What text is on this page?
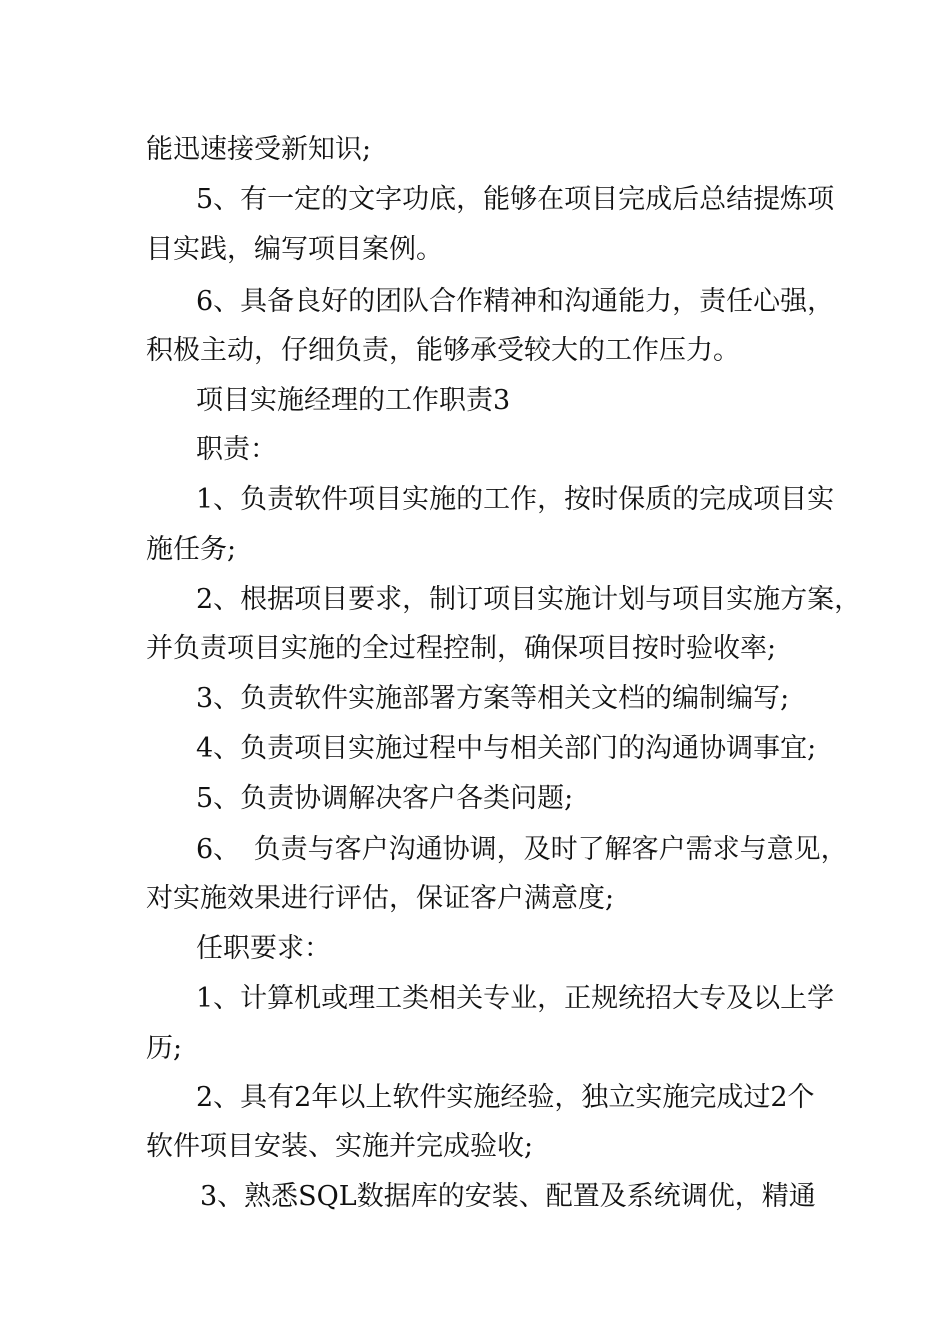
能迅速接受新知识;
5、有一定的文字功底，能够在项目完成后总结提炼项
目实践，编写项目案例。
6、具备良好的团队合作精神和沟通能力，责任心强，
积极主动，仔细负责，能够承受较大的工作压力。
项目实施经理的工作职责3
职责：
1、负责软件项目实施的工作，按时保质的完成项目实
施任务;
2、根据项目要求，制订项目实施计划与项目实施方案，
并负责项目实施的全过程控制，确保项目按时验收率;
3、负责软件实施部署方案等相关文档的编制编写;
4、负责项目实施过程中与相关部门的沟通协调事宜;
5、负责协调解决客户各类问题;
6、　负责与客户沟通协调，及时了解客户需求与意见，
对实施效果进行评估，保证客户满意度;
任职要求：
1、计算机或理工类相关专业，正规统招大专及以上学
历;
2、具有2年以上软件实施经验，独立实施完成过2个
软件项目安装、实施并完成验收;
3、熟悉SQL数据库的安装、配置及系统调优，精通
